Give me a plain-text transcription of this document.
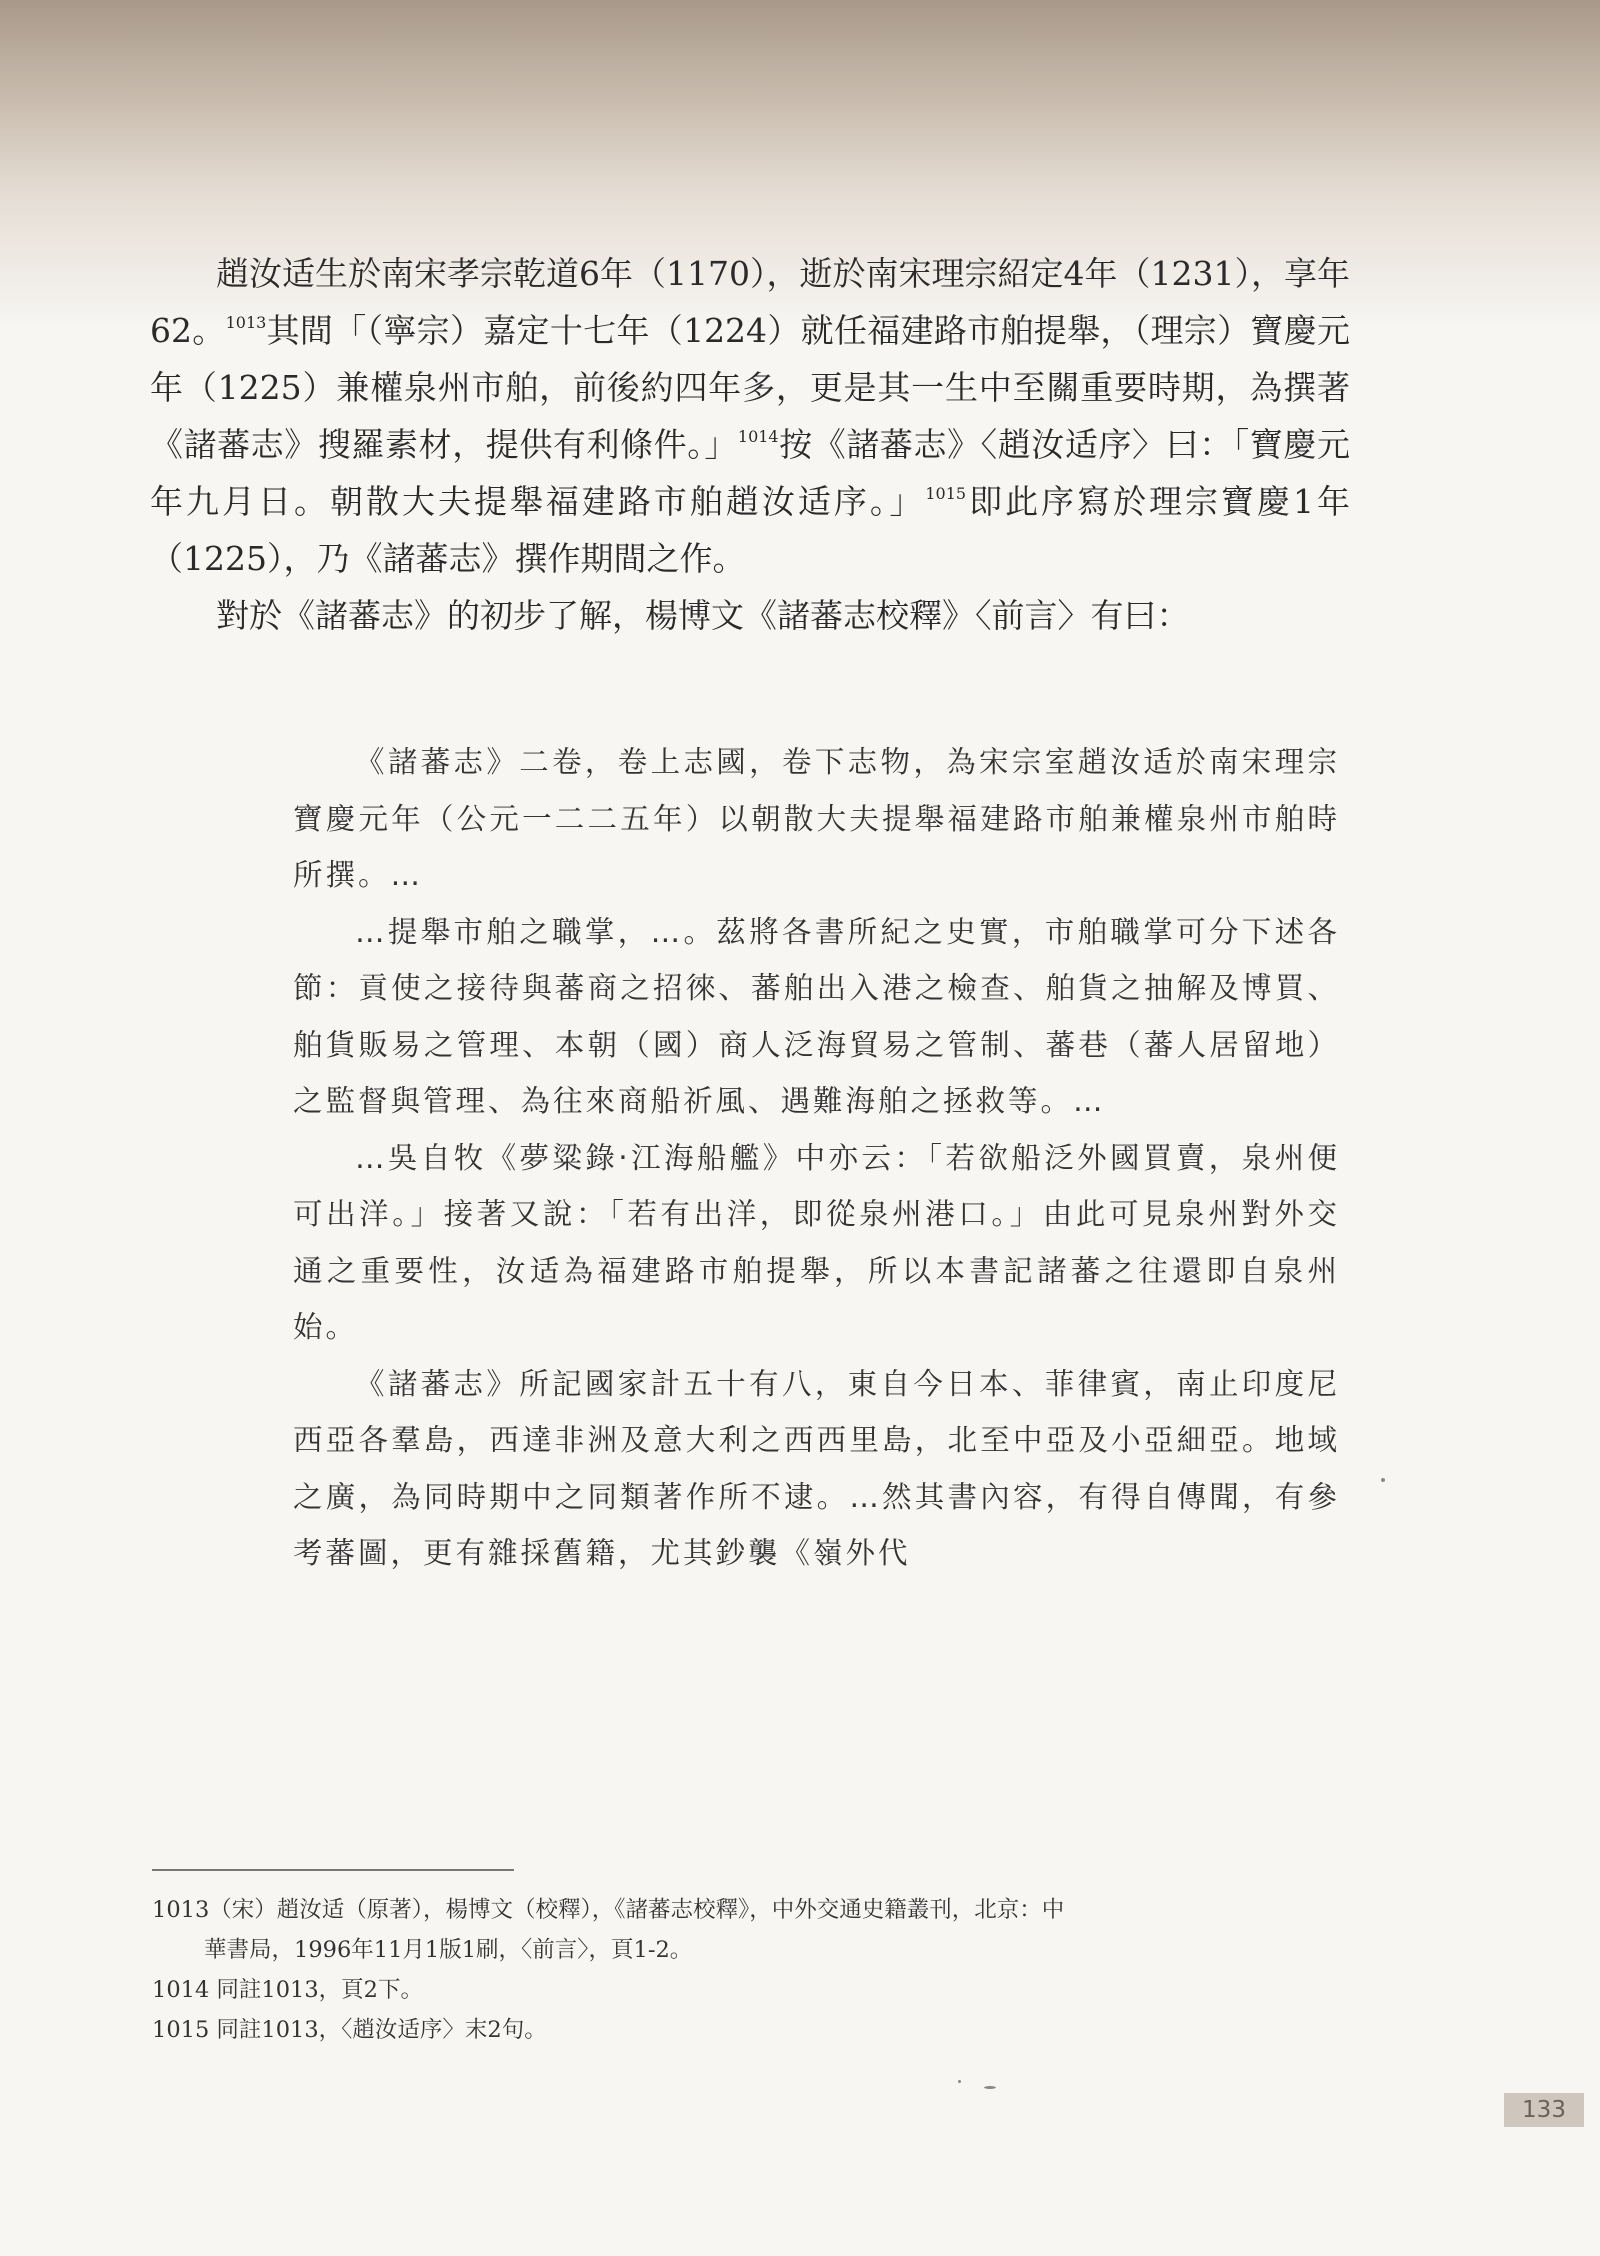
趙汝适生於南宋孝宗乾道6年（1170），逝於南宋理宗紹定4年（1231），享年62。$^{1013}$其間「（寧宗）嘉定十七年（1224）就任福建路市舶提舉，（理宗）寶慶元年（1225）兼權泉州市舶，前後約四年多，更是其一生中至關重要時期，為撰著《諸蕃志》搜羅素材，提供有利條件。」$^{1014}$按《諸蕃志》〈趙汝适序〉曰：「寶慶元年九月日。朝散大夫提舉福建路市舶趙汝适序。」$^{1015}$即此序寫於理宗寶慶1年（1225），乃《諸蕃志》撰作期間之作。

對於《諸蕃志》的初步了解，楊博文《諸蕃志校釋》〈前言〉有曰：

《諸蕃志》二卷，卷上志國，卷下志物，為宋宗室趙汝适於南宋理宗寶慶元年（公元一二二五年）以朝散大夫提舉福建路市舶兼權泉州市舶時所撰。…

…提舉市舶之職掌，…。茲將各書所紀之史實，市舶職掌可分下述各節：貢使之接待與蕃商之招徠、蕃舶出入港之檢查、舶貨之抽解及博買、舶貨販易之管理、本朝（國）商人泛海貿易之管制、蕃巷（蕃人居留地）之監督與管理、為往來商船祈風、遇難海舶之拯救等。…

…吳自牧《夢粱錄‧江海船艦》中亦云：「若欲船泛外國買賣，泉州便可出洋。」接著又說：「若有出洋，即從泉州港口。」由此可見泉州對外交通之重要性，汝适為福建路市舶提舉，所以本書記諸蕃之往還即自泉州始。

《諸蕃志》所記國家計五十有八，東自今日本、菲律賓，南止印度尼西亞各羣島，西達非洲及意大利之西西里島，北至中亞及小亞細亞。地域之廣，為同時期中之同類著作所不逮。…然其書內容，有得自傳聞，有參考蕃圖，更有雜採舊籍，尤其鈔襲《嶺外代

1013（宋）趙汝适（原著），楊博文（校釋），《諸蕃志校釋》，中外交通史籍叢刊，北京：中

華書局，1996年11月1版1刷，〈前言〉，頁1-2。

1014 同註1013，頁2下。

1015 同註1013，〈趙汝适序〉末2句。

133
